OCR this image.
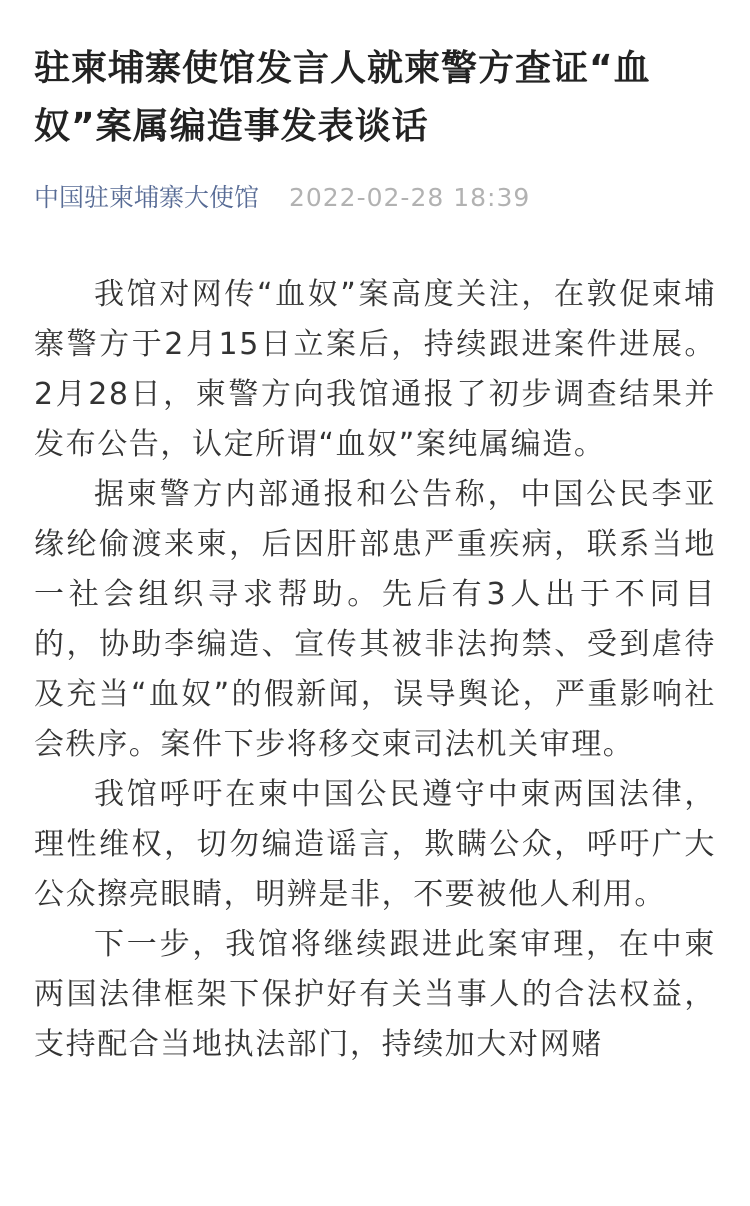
驻柬埔寨使馆发言人就柬警方查证“血奴”案属编造事发表谈话
中国驻柬埔寨大使馆 2022-02-28 18:39

我馆对网传“血奴”案高度关注，在敦促柬埔寨警方于2月15日立案后，持续跟进案件进展。2月28日，柬警方向我馆通报了初步调查结果并发布公告，认定所谓“血奴”案纯属编造。

据柬警方内部通报和公告称，中国公民李亚缘纶偷渡来柬，后因肝部患严重疾病，联系当地一社会组织寻求帮助。先后有3人出于不同目的，协助李编造、宣传其被非法拘禁、受到虐待及充当“血奴”的假新闻，误导舆论，严重影响社会秩序。案件下步将移交柬司法机关审理。

我馆呼吁在柬中国公民遵守中柬两国法律，理性维权，切勿编造谣言，欺瞒公众，呼吁广大公众擦亮眼睛，明辨是非，不要被他人利用。

下一步，我馆将继续跟进此案审理，在中柬两国法律框架下保护好有关当事人的合法权益，支持配合当地执法部门，持续加大对网赌
